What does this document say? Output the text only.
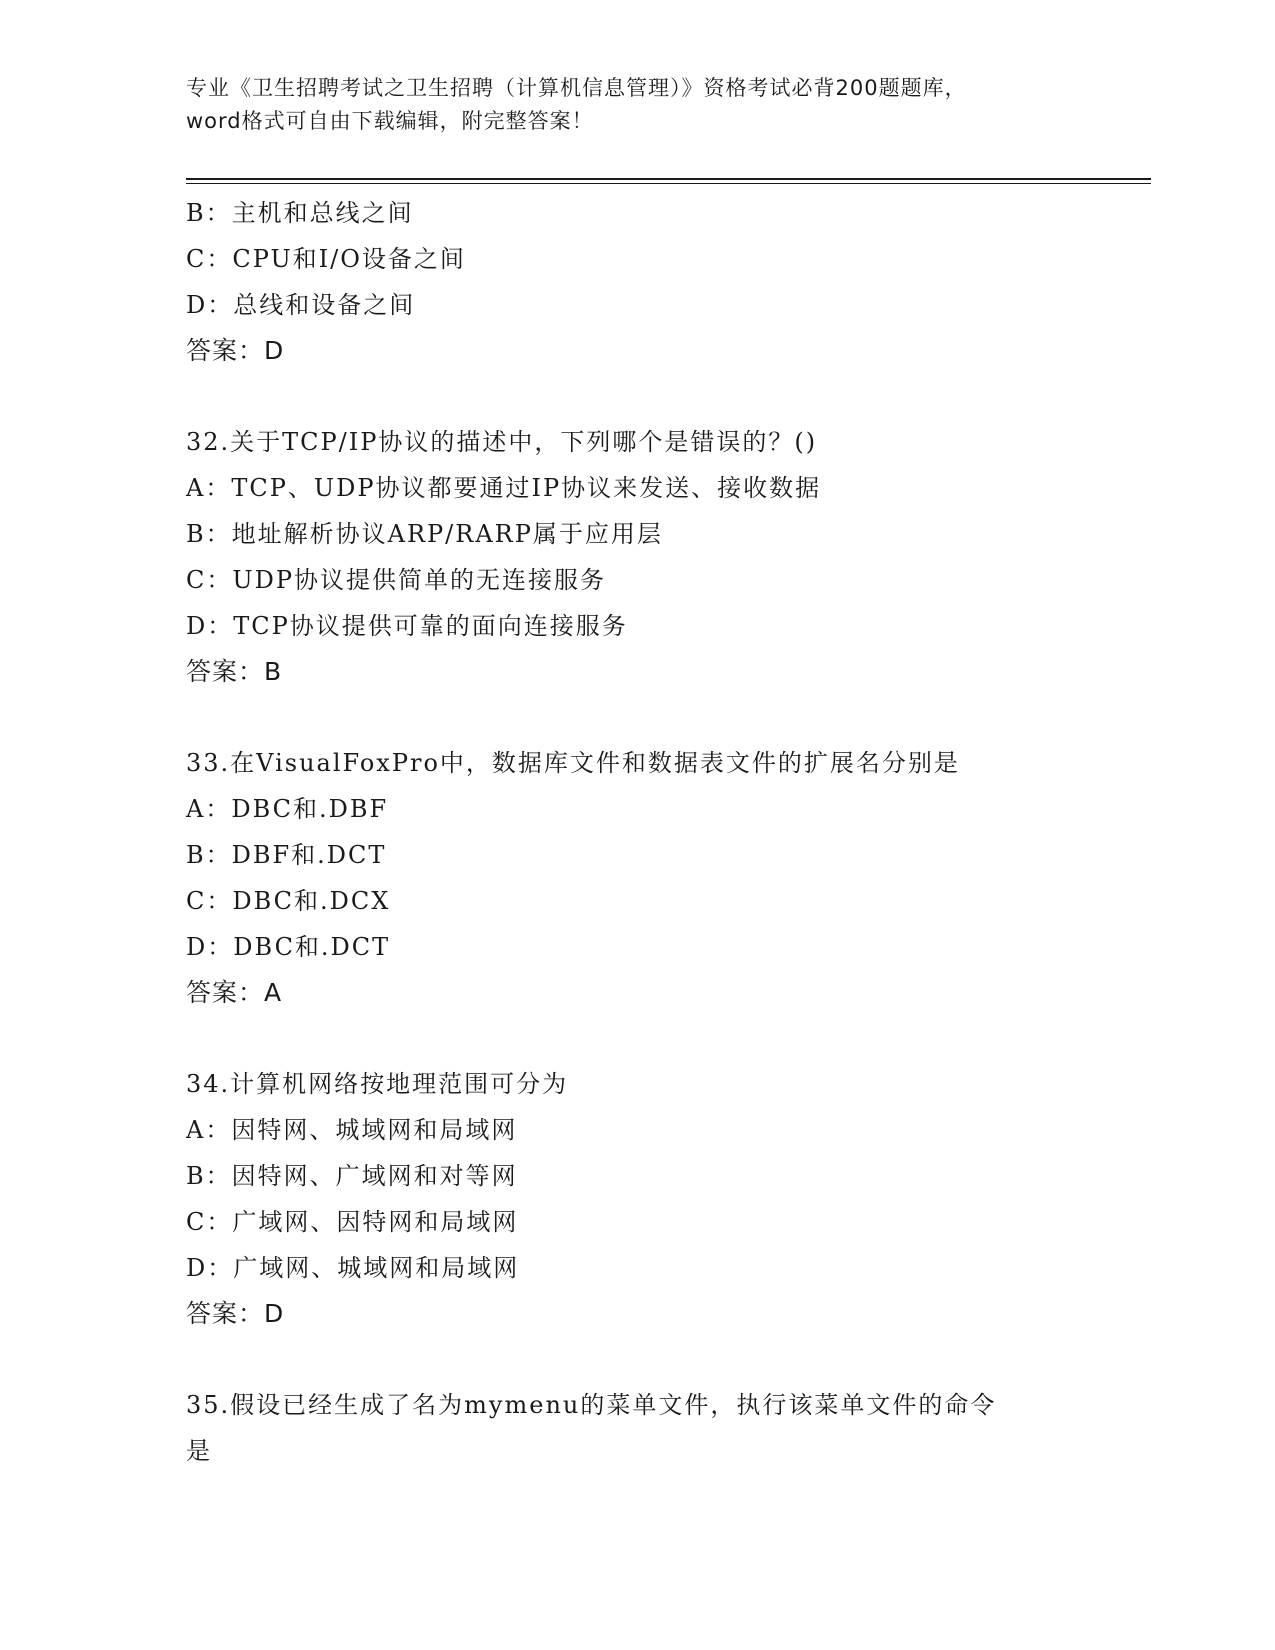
专业《卫生招聘考试之卫生招聘（计算机信息管理）》资格考试必背200题题库，
word格式可自由下载编辑，附完整答案！
B：主机和总线之间
C：CPU和I/O设备之间
D：总线和设备之间
答案：D
32.关于TCP/IP协议的描述中，下列哪个是错误的？()
A：TCP、UDP协议都要通过IP协议来发送、接收数据
B：地址解析协议ARP/RARP属于应用层
C：UDP协议提供简单的无连接服务
D：TCP协议提供可靠的面向连接服务
答案：B
33.在VisualFoxPro中，数据库文件和数据表文件的扩展名分别是
A：DBC和.DBF
B：DBF和.DCT
C：DBC和.DCX
D：DBC和.DCT
答案：A
34.计算机网络按地理范围可分为
A：因特网、城域网和局域网
B：因特网、广域网和对等网
C：广域网、因特网和局域网
D：广域网、城域网和局域网
答案：D
35.假设已经生成了名为mymenu的菜单文件，执行该菜单文件的命令
是
